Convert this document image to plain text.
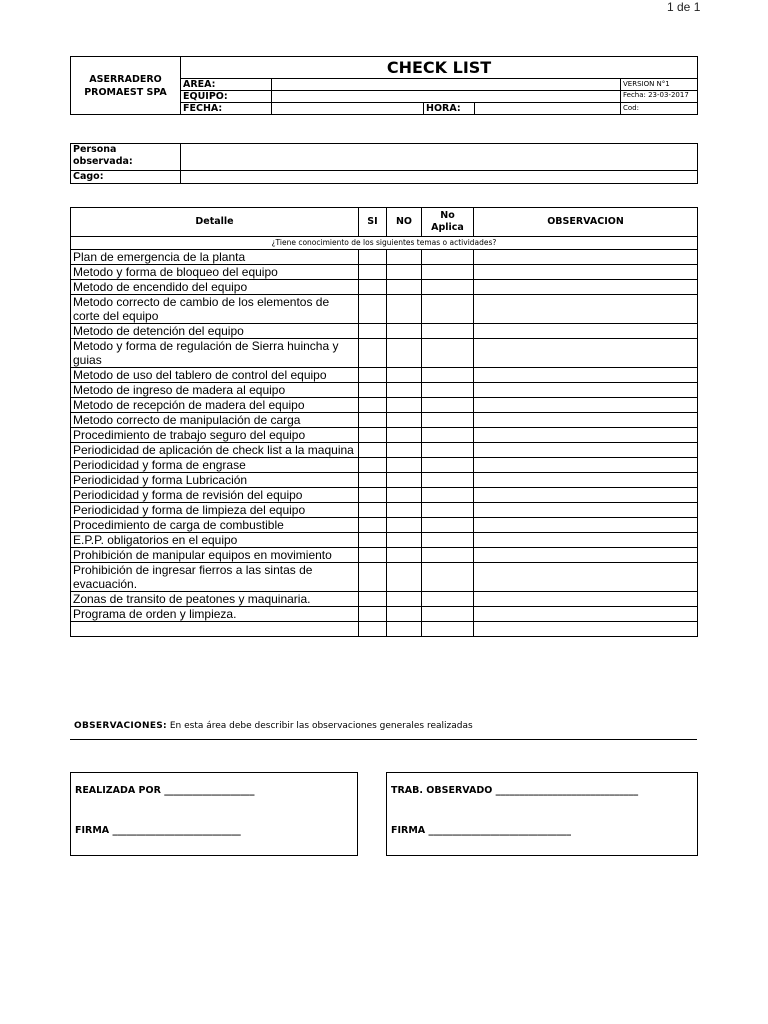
1 de 1
ASERRADERO
PROMAEST SPA	CHECK LIST				
	AREA:				VERSION N°1
	EQUIPO:				Fecha: 23-03-2017
	FECHA:		HORA:		Cod:
Persona observada:	
Cago:	
Detalle	SI	NO	No Aplica	OBSERVACION
¿Tiene conocimiento de los siguientes temas o actividades?				
Plan de emergencia de la planta				
Metodo y forma de bloqueo del equipo				
Metodo de encendido del equipo				
Metodo correcto de cambio de los elementos de corte del equipo				
Metodo de detención del equipo				
Metodo y forma de regulación de Sierra huincha y guias				
Metodo de uso del tablero de control del equipo				
Metodo de ingreso de madera al equipo				
Metodo de recepción de madera del equipo				
Metodo correcto de manipulación de carga				
Procedimiento de trabajo seguro del equipo				
Periodicidad de aplicación de check list a la maquina				
Periodicidad y forma de engrase				
Periodicidad y forma Lubricación				
Periodicidad y forma de revisión del equipo				
Periodicidad y forma de limpieza del equipo				
Procedimiento de carga de combustible				
E.P.P. obligatorios en el equipo				
Prohibición de manipular equipos en movimiento				
Prohibición de ingresar fierros a las sintas de evacuación.				
Zonas de transito de peatones y maquinaria.				
Programa de orden y limpieza.				

OBSERVACIONES: En esta área debe describir las observaciones generales realizadas
REALIZADA POR ___________________
FIRMA ___________________________
TRAB. OBSERVADO ______________________________
FIRMA ______________________________
